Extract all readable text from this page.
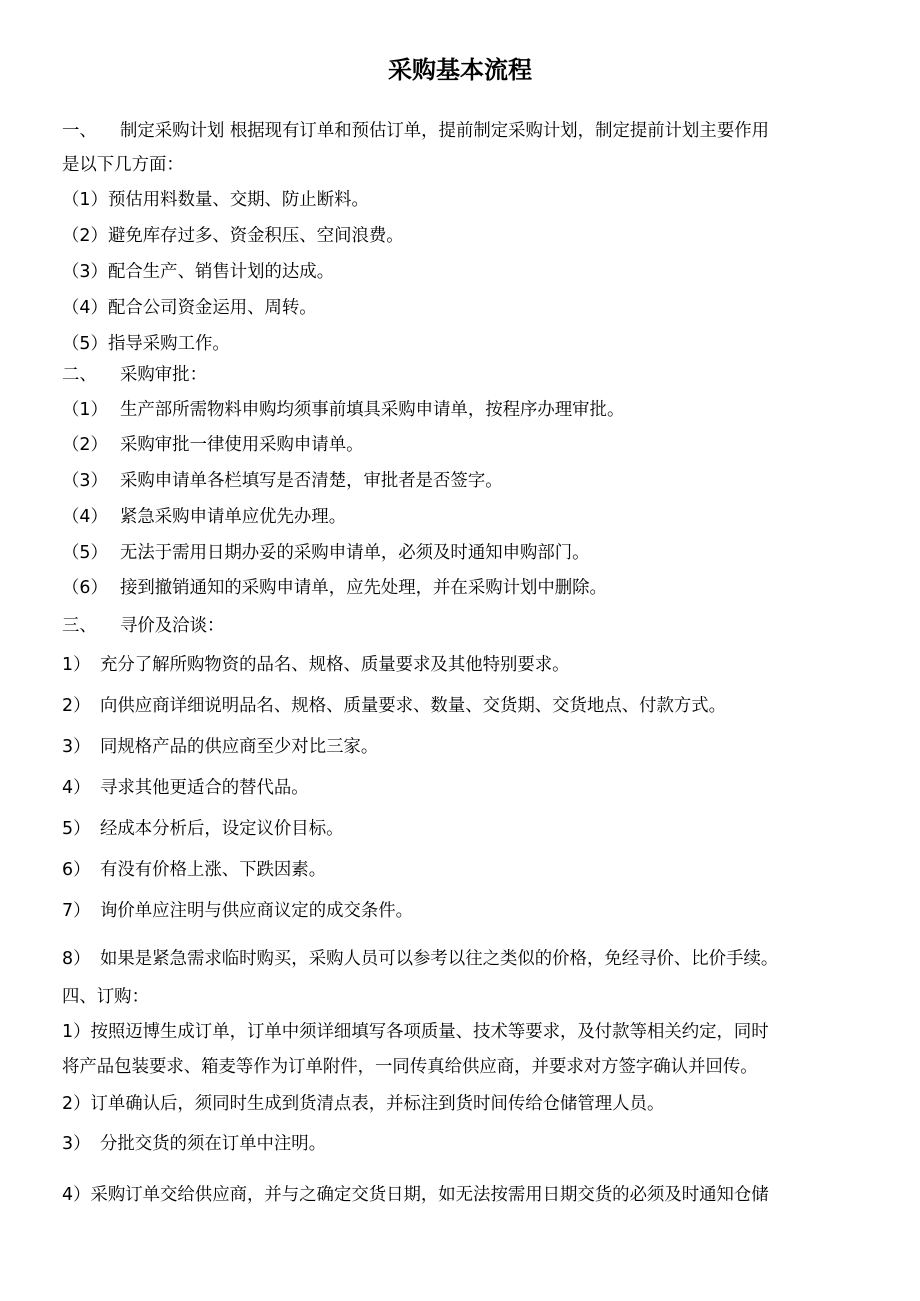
采购基本流程
一、 制定采购计划 根据现有订单和预估订单，提前制定采购计划，制定提前计划主要作用
是以下几方面：
（1）预估用料数量、交期、防止断料。
（2）避免库存过多、资金积压、空间浪费。
（3）配合生产、销售计划的达成。
（4）配合公司资金运用、周转。
（5）指导采购工作。
二、 采购审批：
（1） 生产部所需物料申购均须事前填具采购申请单，按程序办理审批。
（2） 采购审批一律使用采购申请单。
（3） 采购申请单各栏填写是否清楚，审批者是否签字。
（4） 紧急采购申请单应优先办理。
（5） 无法于需用日期办妥的采购申请单，必须及时通知申购部门。
（6） 接到撤销通知的采购申请单，应先处理，并在采购计划中删除。
三、 寻价及洽谈：
1） 充分了解所购物资的品名、规格、质量要求及其他特别要求。
2） 向供应商详细说明品名、规格、质量要求、数量、交货期、交货地点、付款方式。
3） 同规格产品的供应商至少对比三家。
4） 寻求其他更适合的替代品。
5） 经成本分析后，设定议价目标。
6） 有没有价格上涨、下跌因素。
7） 询价单应注明与供应商议定的成交条件。
8） 如果是紧急需求临时购买，采购人员可以参考以往之类似的价格，免经寻价、比价手续。
四、订购：
1）按照迈博生成订单，订单中须详细填写各项质量、技术等要求，及付款等相关约定，同时
将产品包装要求、箱麦等作为订单附件，一同传真给供应商，并要求对方签字确认并回传。
2）订单确认后，须同时生成到货清点表，并标注到货时间传给仓储管理人员。
3） 分批交货的须在订单中注明。
4）采购订单交给供应商，并与之确定交货日期，如无法按需用日期交货的必须及时通知仓储
